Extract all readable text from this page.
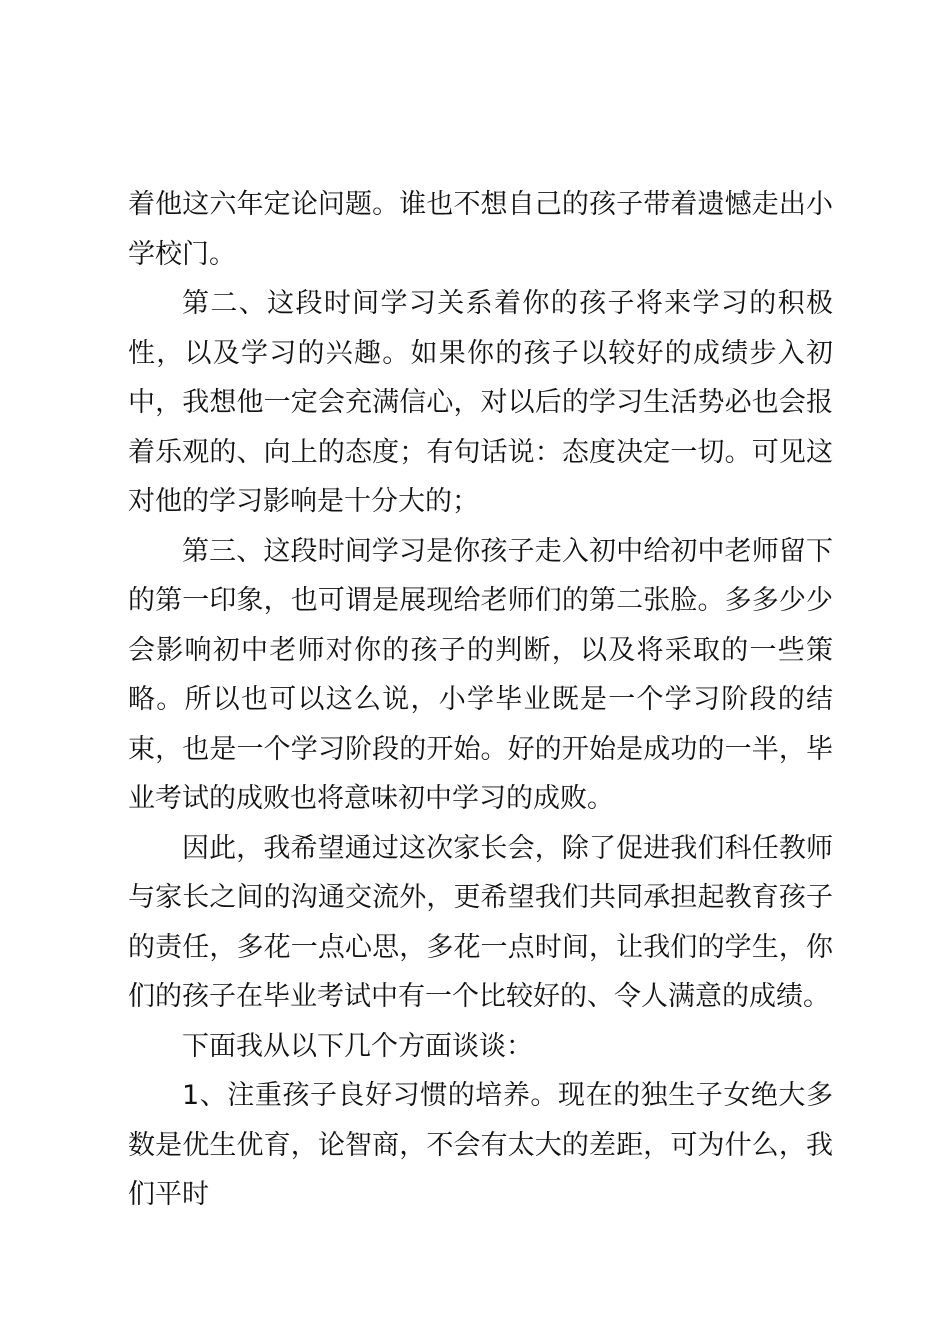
着他这六年定论问题。谁也不想自己的孩子带着遗憾走出小学校门。

第二、这段时间学习关系着你的孩子将来学习的积极性，以及学习的兴趣。如果你的孩子以较好的成绩步入初中，我想他一定会充满信心，对以后的学习生活势必也会报着乐观的、向上的态度；有句话说：态度决定一切。可见这对他的学习影响是十分大的；

第三、这段时间学习是你孩子走入初中给初中老师留下的第一印象，也可谓是展现给老师们的第二张脸。多多少少会影响初中老师对你的孩子的判断，以及将采取的一些策略。所以也可以这么说，小学毕业既是一个学习阶段的结束，也是一个学习阶段的开始。好的开始是成功的一半，毕业考试的成败也将意味初中学习的成败。

因此，我希望通过这次家长会，除了促进我们科任教师与家长之间的沟通交流外，更希望我们共同承担起教育孩子的责任，多花一点心思，多花一点时间，让我们的学生，你们的孩子在毕业考试中有一个比较好的、令人满意的成绩。

下面我从以下几个方面谈谈：

1、注重孩子良好习惯的培养。现在的独生子女绝大多数是优生优育，论智商，不会有太大的差距，可为什么，我们平时
